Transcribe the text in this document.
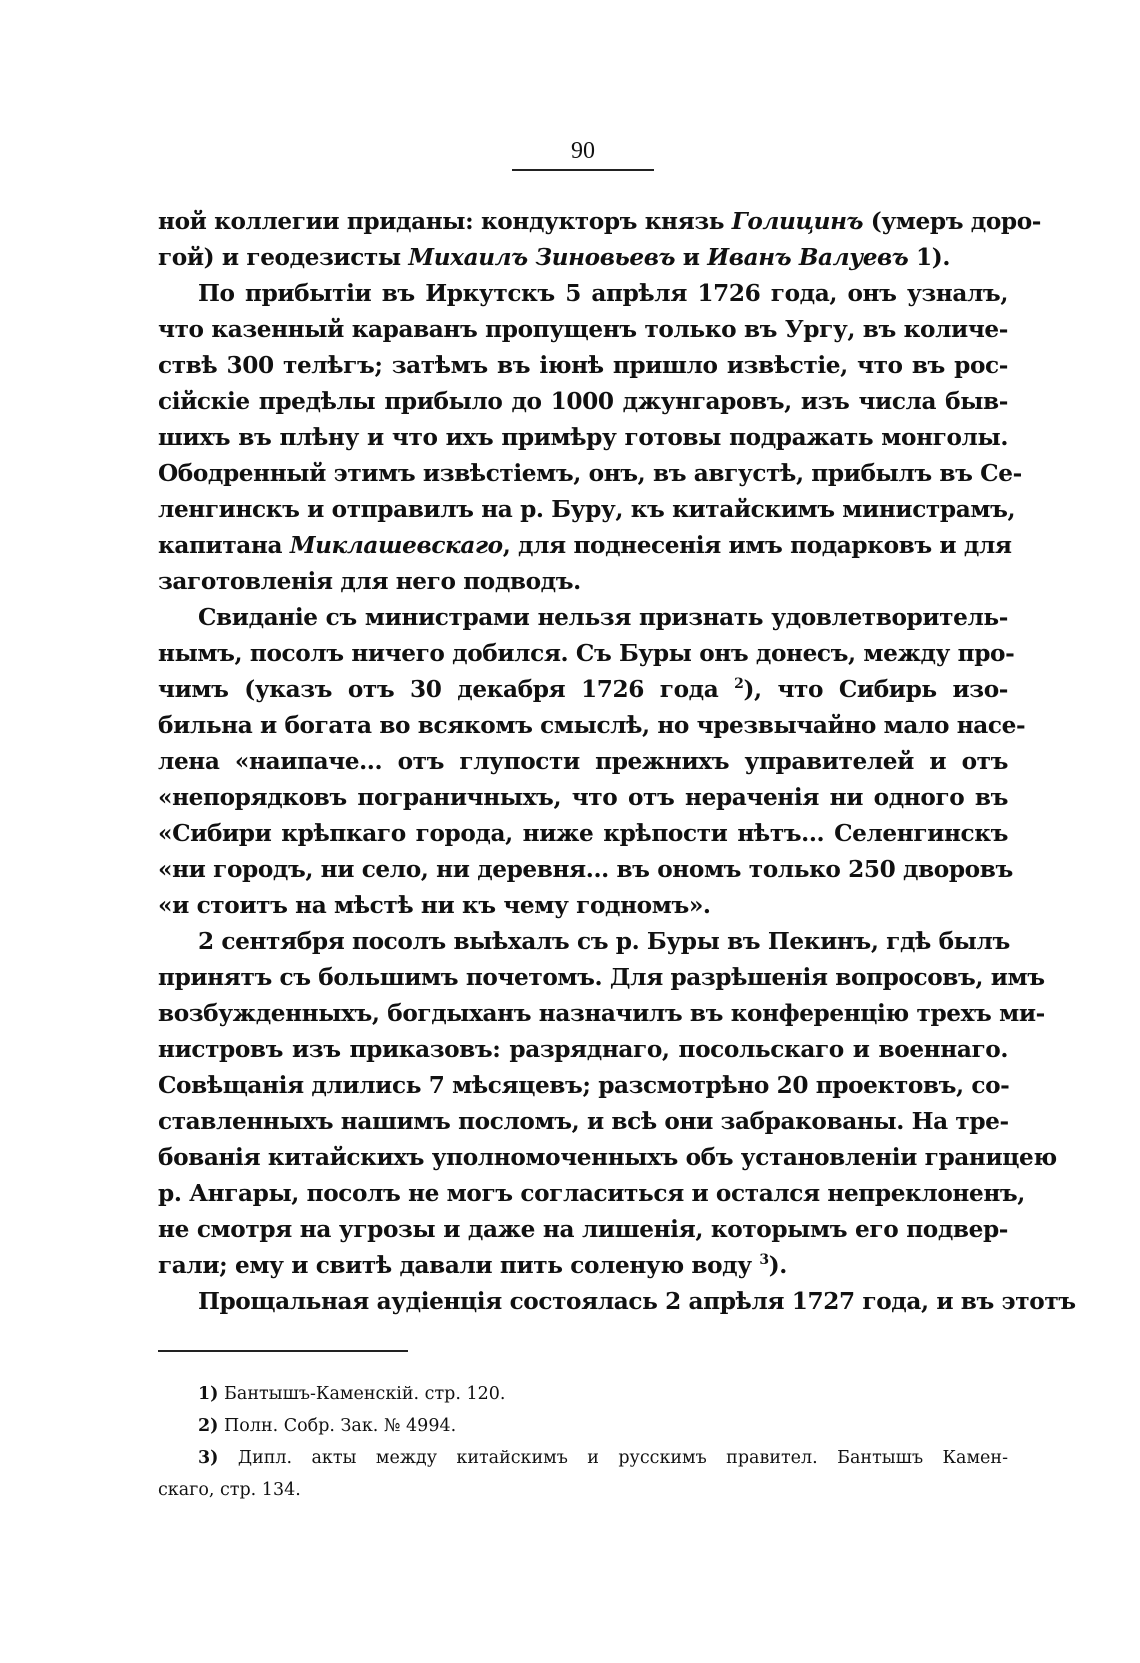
90
ной коллегии приданы: кондукторъ князь Голицинъ (умеръ доро-
гой) и геодезисты Михаилъ Зиновьевъ и Иванъ Валуевъ 1).
По прибытіи въ Иркутскъ 5 апрѣля 1726 года, онъ узналъ,
что казенный караванъ пропущенъ только въ Ургу, въ количе-
ствѣ 300 телѣгъ; затѣмъ въ іюнѣ пришло извѣстіе, что въ рос-
сійскіе предѣлы прибыло до 1000 джунгаровъ, изъ числа быв-
шихъ въ плѣну и что ихъ примѣру готовы подражать монголы.
Ободренный этимъ извѣстіемъ, онъ, въ августѣ, прибылъ въ Се-
ленгинскъ и отправилъ на р. Буру, къ китайскимъ министрамъ,
капитана Миклашевскаго, для поднесенія имъ подарковъ и для
заготовленія для него подводъ.
Свиданіе съ министрами нельзя признать удовлетворитель-
нымъ, посолъ ничего добился. Съ Буры онъ донесъ, между про-
чимъ (указъ отъ 30 декабря 1726 года $^2$), что Сибирь изо-
бильна и богата во всякомъ смыслѣ, но чрезвычайно мало насе-
лена «наипаче... отъ глупости прежнихъ управителей и отъ
«непорядковъ пограничныхъ, что отъ нераченія ни одного въ
«Сибири крѣпкаго города, ниже крѣпости нѣтъ... Селенгинскъ
«ни городъ, ни село, ни деревня... въ ономъ только 250 дворовъ
«и стоитъ на мѣстѣ ни къ чему годномъ».
2 сентября посолъ выѣхалъ съ р. Буры въ Пекинъ, гдѣ былъ
принятъ съ большимъ почетомъ. Для разрѣшенія вопросовъ, имъ
возбужденныхъ, богдыханъ назначилъ въ конференцію трехъ ми-
нистровъ изъ приказовъ: разряднаго, посольскаго и военнаго.
Совѣщанія длились 7 мѣсяцевъ; разсмотрѣно 20 проектовъ, со-
ставленныхъ нашимъ посломъ, и всѣ они забракованы. На тре-
бованія китайскихъ уполномоченныхъ объ установленіи границею
р. Ангары, посолъ не могъ согласиться и остался непреклоненъ,
не смотря на угрозы и даже на лишенія, которымъ его подвер-
гали; ему и свитѣ давали пить соленую воду $^3$).
Прощальная аудіенція состоялась 2 апрѣля 1727 года, и въ этотъ
1) Бантышъ-Каменскій. стр. 120.
2) Полн. Собр. Зак. № 4994.
3) Дипл. акты между китайскимъ и русскимъ правител. Бантышъ Камен-
скаго, стр. 134.
